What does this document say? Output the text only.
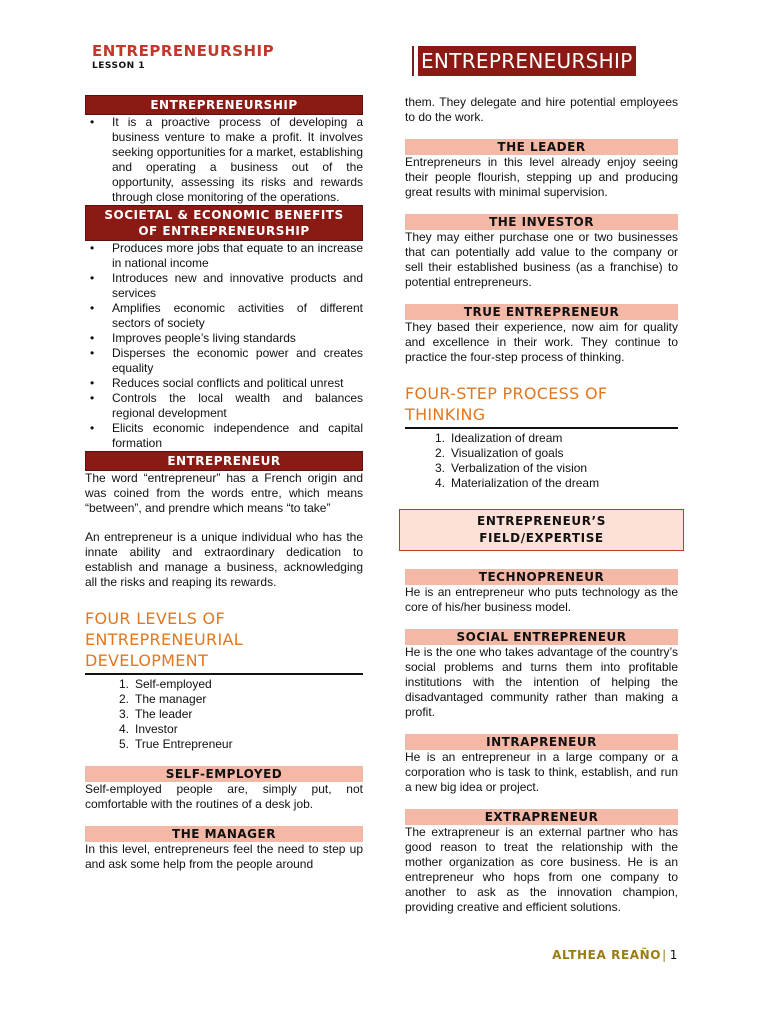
ENTREPRENEURSHIP
LESSON 1	ENTREPRENEURSHIP
ENTREPRENEURSHIP
• It is a proactive process of developing a business venture to make a profit. It involves seeking opportunities for a market, establishing and operating a business out of the opportunity, assessing its risks and rewards through close monitoring of the operations.
SOCIETAL & ECONOMIC BENEFITS
OF ENTREPRENEURSHIP
• Produces more jobs that equate to an increase in national income
• Introduces new and innovative products and services
• Amplifies economic activities of different sectors of society
• Improves people’s living standards
• Disperses the economic power and creates equality
• Reduces social conflicts and political unrest
• Controls the local wealth and balances regional development
• Elicits economic independence and capital formation
ENTREPRENEUR

The word “entrepreneur” has a French origin and was coined from the words entre, which means “between”, and prendre which means “to take”

An entrepreneur is a unique individual who has the innate ability and extraordinary dedication to establish and manage a business, acknowledging all the risks and reaping its rewards.

FOUR LEVELS OF ENTREPRENEURIAL DEVELOPMENT
1. Self-employed
2. The manager
3. The leader
4. Investor
5. True Entrepreneur
SELF-EMPLOYED

Self-employed people are, simply put, not comfortable with the routines of a desk job.

THE MANAGER

In this level, entrepreneurs feel the need to step up and ask some help from the people around

them. They delegate and hire potential employees to do the work.

THE LEADER

Entrepreneurs in this level already enjoy seeing their people flourish, stepping up and producing great results with minimal supervision.

THE INVESTOR

They may either purchase one or two businesses that can potentially add value to the company or sell their established business (as a franchise) to potential entrepreneurs.

TRUE ENTREPRENEUR

They based their experience, now aim for quality and excellence in their work. They continue to practice the four-step process of thinking.

FOUR-STEP PROCESS OF THINKING
1. Idealization of dream
2. Visualization of goals
3. Verbalization of the vision
4. Materialization of the dream
ENTREPRENEUR’S
FIELD/EXPERTISE
TECHNOPRENEUR

He is an entrepreneur who puts technology as the core of his/her business model.

SOCIAL ENTREPRENEUR

He is the one who takes advantage of the country’s social problems and turns them into profitable institutions with the intention of helping the disadvantaged community rather than making a profit.

INTRAPRENEUR

He is an entrepreneur in a large company or a corporation who is task to think, establish, and run a new big idea or project.

EXTRAPRENEUR

The extrapreneur is an external partner who has good reason to treat the relationship with the mother organization as core business. He is an entrepreneur who hops from one company to another to ask as the innovation champion, providing creative and efficient solutions.

ALTHEA REAÑO | 1
